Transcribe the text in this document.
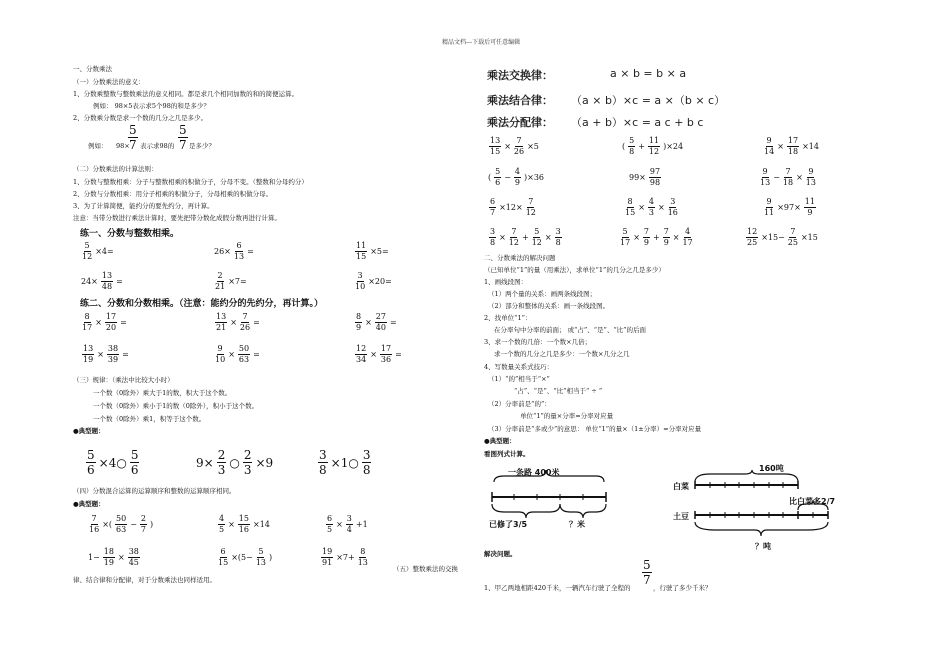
精品文档---下载后可任意编辑
一、分数乘法
（一）分数乘法的意义：
1、分数乘整数与整数乘法的意义相同。都是求几个相同加数的和的简便运算。
例如： 98×5表示求5个98的和是多少？
2、分数乘分数是求一个数的几分之几是多少。
例如： 98×
$\frac{5}{7}$ 表示求98的 $\frac{5}{7}$ 是多少？
（二）分数乘法的计算法则：
1、分数与整数相乘：分子与整数相乘的积做分子，分母不变。（整数和分母约分）
2、分数与分数相乘：用分子相乘的积做分子，分母相乘的积做分母。
3、为了计算简便，能约分的要先约分，再计算。
注意：当带分数进行乘法计算时，要先把带分数化成假分数再进行计算。
练一、分数与整数相乘。
$\frac{5}{12} \times 4=$	$26\times \frac{6}{13}$ =	$\frac{11}{15} \times 5=$
$24\times \frac{13}{48}$ =	$\frac{2}{21} \times 7=$	$\frac{3}{10} \times 20=$
练二、分数和分数相乘。（注意：能约分的先约分，再计算。）
$\frac{8}{17} \times \frac{17}{20}$ =	$\frac{13}{21} \times \frac{7}{26}$ =	$\frac{8}{9} \times \frac{27}{40}$ =
$\frac{13}{19} \times \frac{38}{39}$ =	$\frac{9}{10} \times \frac{50}{63}$ =	$\frac{12}{34} \times \frac{17}{36}$ =
（三）规律：（乘法中比较大小时）
一个数（0除外）乘大于1的数，积大于这个数。
一个数（0除外）乘小于1的数（0除外），积小于这个数。
一个数（0除外）乘1，积等于这个数。
●典型题：
$\frac{5}{6}$ ×4○ $\frac{5}{6}$	$9\times \frac{2}{3}$ ○ $\frac{2}{3} \times 9$	$\frac{3}{8}$ ×1○ $\frac{3}{8}$
（四）分数混合运算的运算顺序和整数的运算顺序相同。
●典型题：
$\frac{7}{16}$ ×( $\frac{50}{63} - \frac{2}{7}$ )	$\frac{4}{5} \times \frac{15}{16} \times 14$	$\frac{6}{5} \times \frac{3}{4} +1$
$1- \frac{18}{19} \times \frac{38}{45}$	$\frac{6}{15} \times(5- \frac{5}{13}$ )	$\frac{19}{91} \times 7+ \frac{8}{13}$
（五）整数乘法的交换
律、结合律和分配律，对于分数乘法也同样适用。
乘法交换律：	a × b = b × a
乘法结合律： （a × b）×c = a ×（b × c）
乘法分配律： （a + b）×c = a c + b c
$\frac{13}{15} \times \frac{7}{26} \times 5$	( $\frac{5}{8} + \frac{11}{12} )\times 24$	$\frac{9}{14} \times \frac{17}{18} \times 14$
( $\frac{5}{6} - \frac{4}{9} )\times 36$	$99\times \frac{97}{98}$	$\frac{9}{13} - \frac{7}{18} \times \frac{9}{13}$
$\frac{6}{7} \times 12\times \frac{7}{12}$	$\frac{8}{15} \times \frac{4}{3} \times \frac{3}{16}$	$\frac{9}{11} \times 97\times \frac{11}{9}$
$\frac{3}{8} \times \frac{7}{12} + \frac{5}{12} \times \frac{3}{8}$	$\frac{5}{17} \times \frac{7}{9} + \frac{7}{9} \times \frac{4}{17}$	$\frac{12}{25} \times 15- \frac{7}{25} \times 15$
二、分数乘法的解决问题
（已知单位“1”的量（用乘法），求单位“1”的几分之几是多少）
1、画线段图：
（1）两个量的关系：画两条线段图；
（2）部分和整体的关系：画一条线段图。
2、找单位“1”：
在分率句中分率的前面； 或“占”、“是”、“比”的后面
3、求一个数的几倍：一个数×几倍；
求一个数的几分之几是多少：一个数×几分之几
4、写数量关系式技巧：
（1）“的”相当于“×”
“占”、“是”、“比”相当于“ ÷ ”
（2）分率前是“的”：
单位“1”的量×分率=分率对应量
（3）分率前是“多或少”的意思： 单位“1”的量×（1±分率）=分率对应量
●典型题：
看图列式计算。
一条路 400米
已修了3/5	？米
160吨
白菜
土豆
比白菜多2/7
？吨
解决问题。
$\frac{5}{7}$
1、甲乙两地相距420千米，一辆汽车行驶了全程的	，行驶了多少千米？
